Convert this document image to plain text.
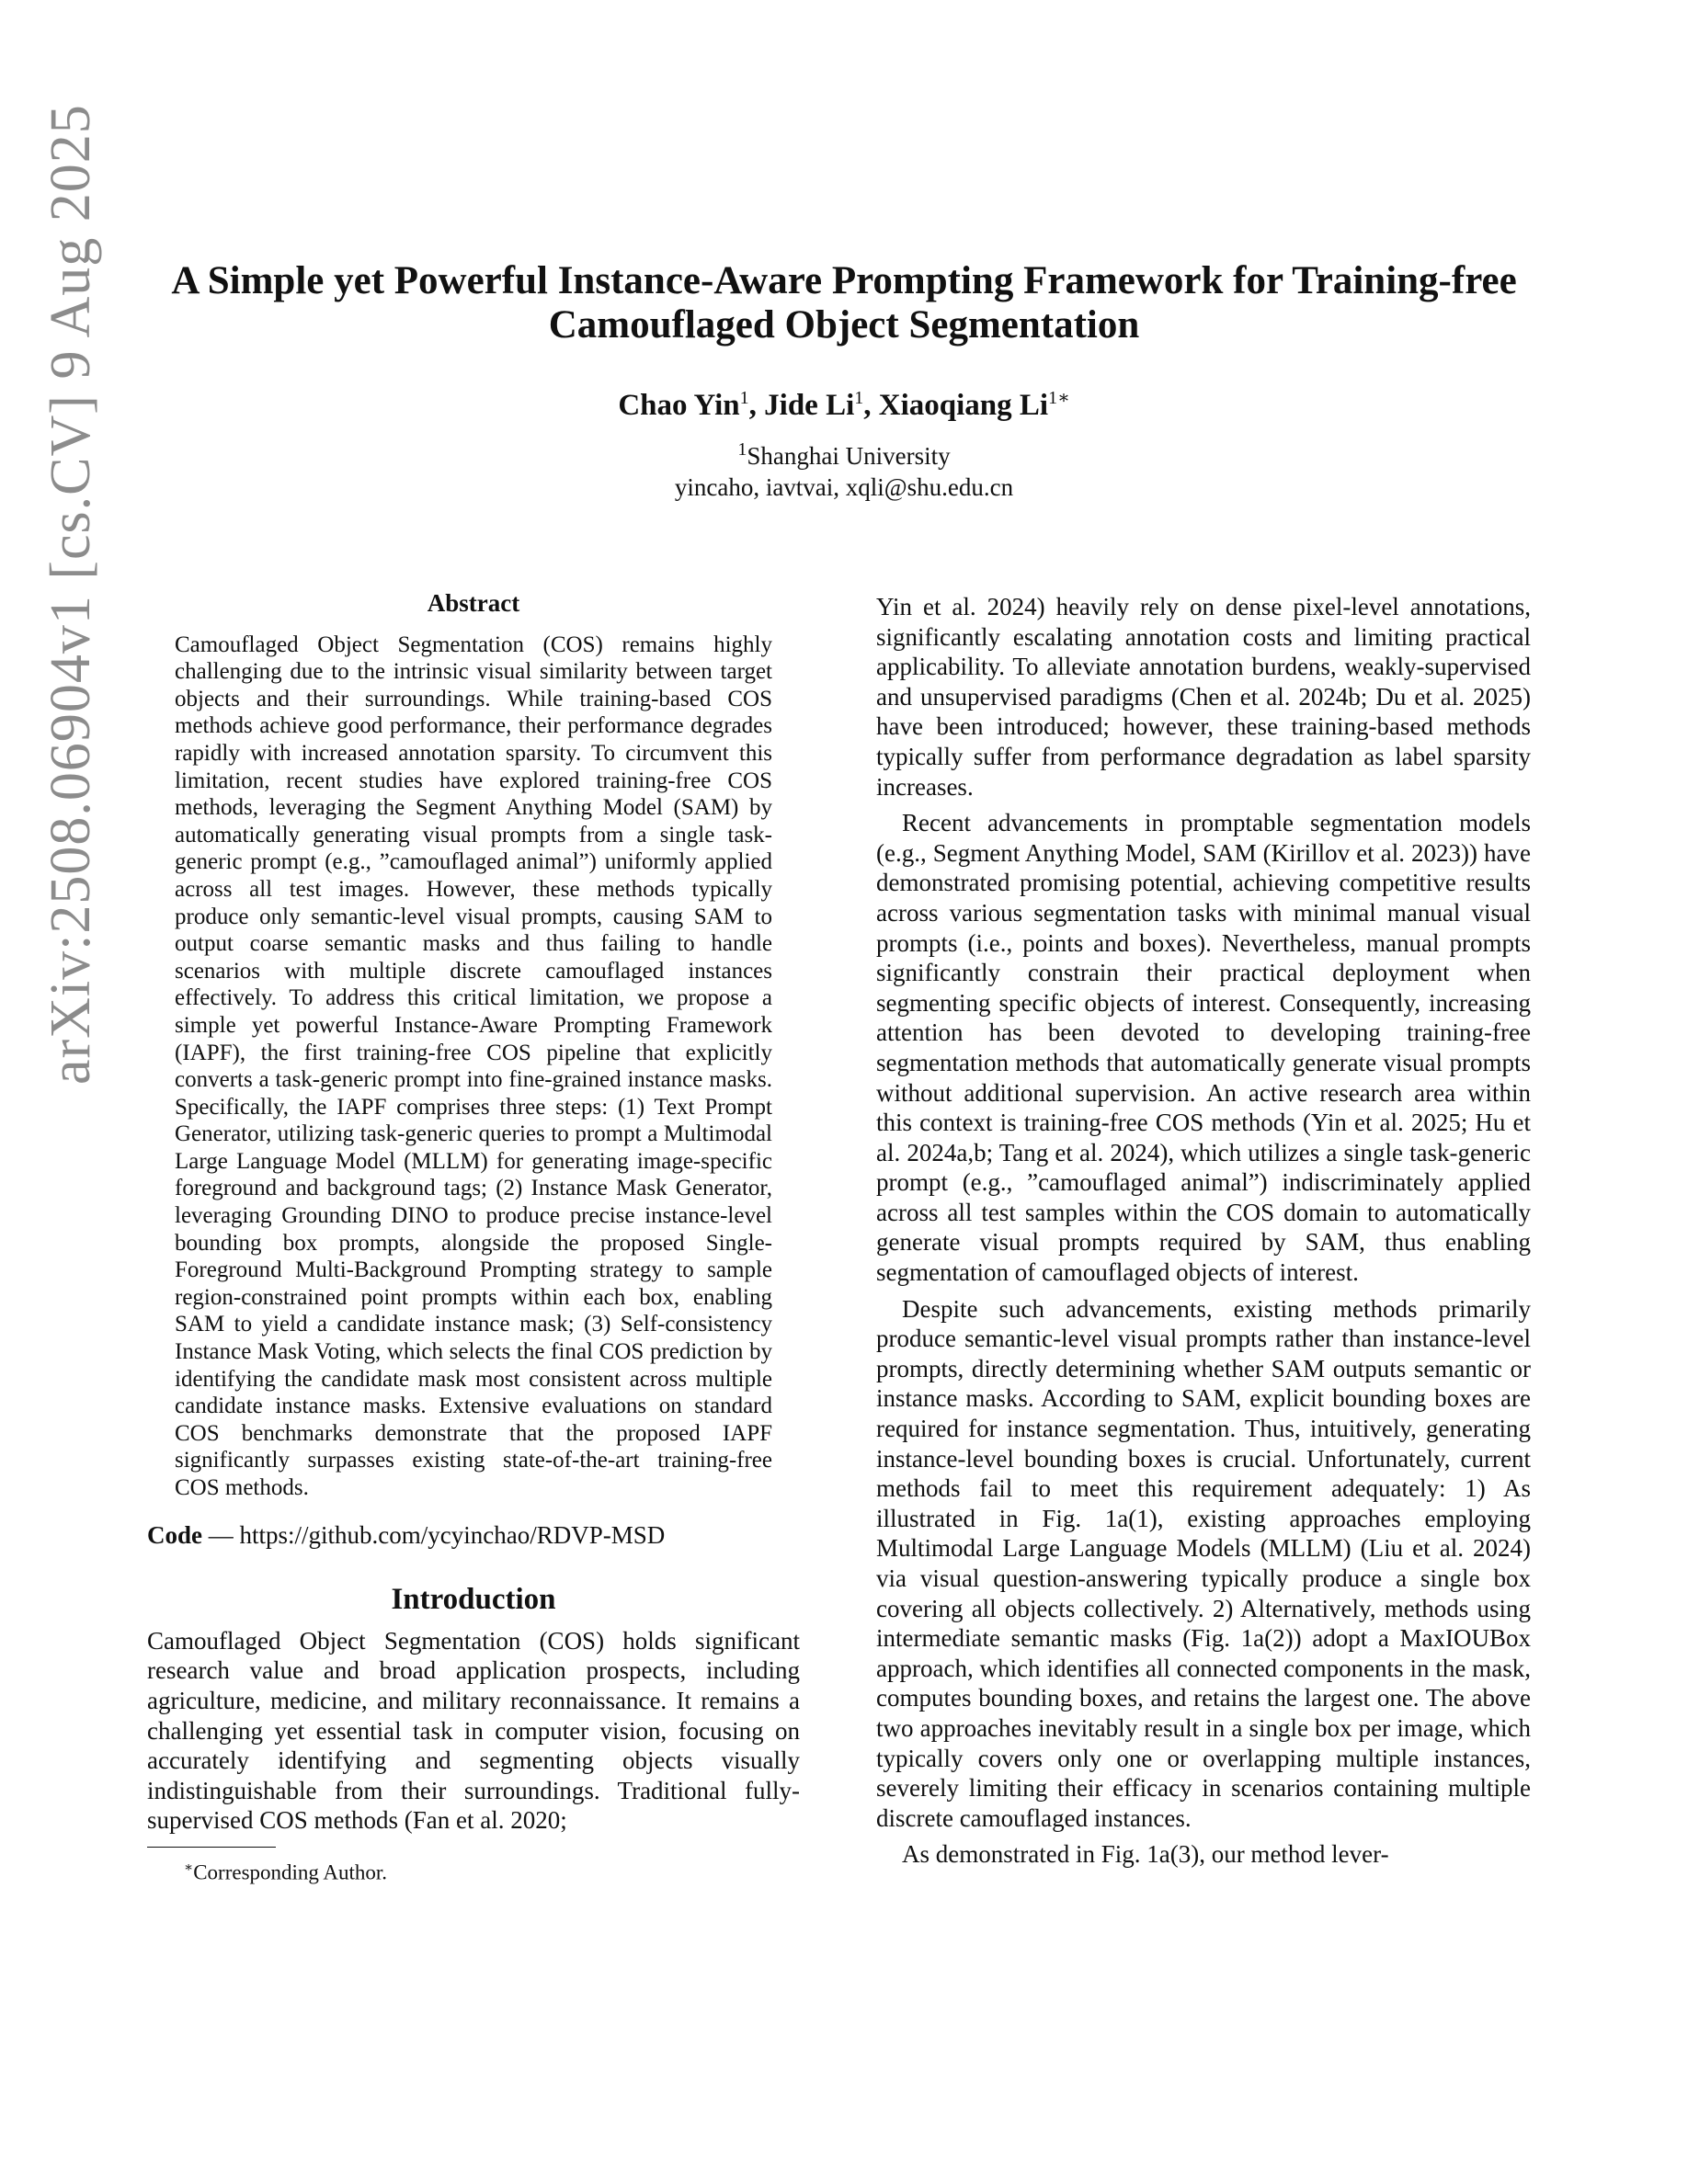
arXiv:2508.06904v1 [cs.CV] 9 Aug 2025	A Simple yet Powerful Instance-Aware Prompting Framework for Training-free
Camouflaged Object Segmentation
Chao Yin$^1$, Jide Li$^1$, Xiaoqiang $Li^{1∗}$
$^1$Shanghai University
yincaho, iavtvai, xqli@shu.edu.cn
Abstract
Camouflaged Object Segmentation (COS) remains highly challenging due to the intrinsic visual similarity between target objects and their surroundings. While training-based COS methods achieve good performance, their performance degrades rapidly with increased annotation sparsity. To circumvent this limitation, recent studies have explored training-free COS methods, leveraging the Segment Anything Model (SAM) by automatically generating visual prompts from a single task-generic prompt (e.g., ”camouflaged animal”) uniformly applied across all test images. However, these methods typically produce only semantic-level visual prompts, causing SAM to output coarse semantic masks and thus failing to handle scenarios with multiple discrete camouflaged instances effectively. To address this critical limitation, we propose a simple yet powerful Instance-Aware Prompting Framework (IAPF), the first training-free COS pipeline that explicitly converts a task-generic prompt into fine-grained instance masks. Specifically, the IAPF comprises three steps: (1) Text Prompt Generator, utilizing task-generic queries to prompt a Multimodal Large Language Model (MLLM) for generating image-specific foreground and background tags; (2) Instance Mask Generator, leveraging Grounding DINO to produce precise instance-level bounding box prompts, alongside the proposed Single-Foreground Multi-Background Prompting strategy to sample region-constrained point prompts within each box, enabling SAM to yield a candidate instance mask; (3) Self-consistency Instance Mask Voting, which selects the final COS prediction by identifying the candidate mask most consistent across multiple candidate instance masks. Extensive evaluations on standard COS benchmarks demonstrate that the proposed IAPF significantly surpasses existing state-of-the-art training-free COS methods.
Code — https://github.com/ycyinchao/RDVP-MSD
Introduction

Camouflaged Object Segmentation (COS) holds significant research value and broad application prospects, including agriculture, medicine, and military reconnaissance. It remains a challenging yet essential task in computer vision, focusing on accurately identifying and segmenting objects visually indistinguishable from their surroundings. Traditional fully-supervised COS methods (Fan et al. 2020;

∗Corresponding Author.

Yin et al. 2024) heavily rely on dense pixel-level annotations, significantly escalating annotation costs and limiting practical applicability. To alleviate annotation burdens, weakly-supervised and unsupervised paradigms (Chen et al. 2024b; Du et al. 2025) have been introduced; however, these training-based methods typically suffer from performance degradation as label sparsity increases.

Recent advancements in promptable segmentation models (e.g., Segment Anything Model, SAM (Kirillov et al. 2023)) have demonstrated promising potential, achieving competitive results across various segmentation tasks with minimal manual visual prompts (i.e., points and boxes). Nevertheless, manual prompts significantly constrain their practical deployment when segmenting specific objects of interest. Consequently, increasing attention has been devoted to developing training-free segmentation methods that automatically generate visual prompts without additional supervision. An active research area within this context is training-free COS methods (Yin et al. 2025; Hu et al. 2024a,b; Tang et al. 2024), which utilizes a single task-generic prompt (e.g., ”camouflaged animal”) indiscriminately applied across all test samples within the COS domain to automatically generate visual prompts required by SAM, thus enabling segmentation of camouflaged objects of interest.

Despite such advancements, existing methods primarily produce semantic-level visual prompts rather than instance-level prompts, directly determining whether SAM outputs semantic or instance masks. According to SAM, explicit bounding boxes are required for instance segmentation. Thus, intuitively, generating instance-level bounding boxes is crucial. Unfortunately, current methods fail to meet this requirement adequately: 1) As illustrated in Fig. 1a(1), existing approaches employing Multimodal Large Language Models (MLLM) (Liu et al. 2024) via visual question-answering typically produce a single box covering all objects collectively. 2) Alternatively, methods using intermediate semantic masks (Fig. 1a(2)) adopt a MaxIOUBox approach, which identifies all connected components in the mask, computes bounding boxes, and retains the largest one. The above two approaches inevitably result in a single box per image, which typically covers only one or overlapping multiple instances, severely limiting their efficacy in scenarios containing multiple discrete camouflaged instances.

As demonstrated in Fig. 1a(3), our method lever-
